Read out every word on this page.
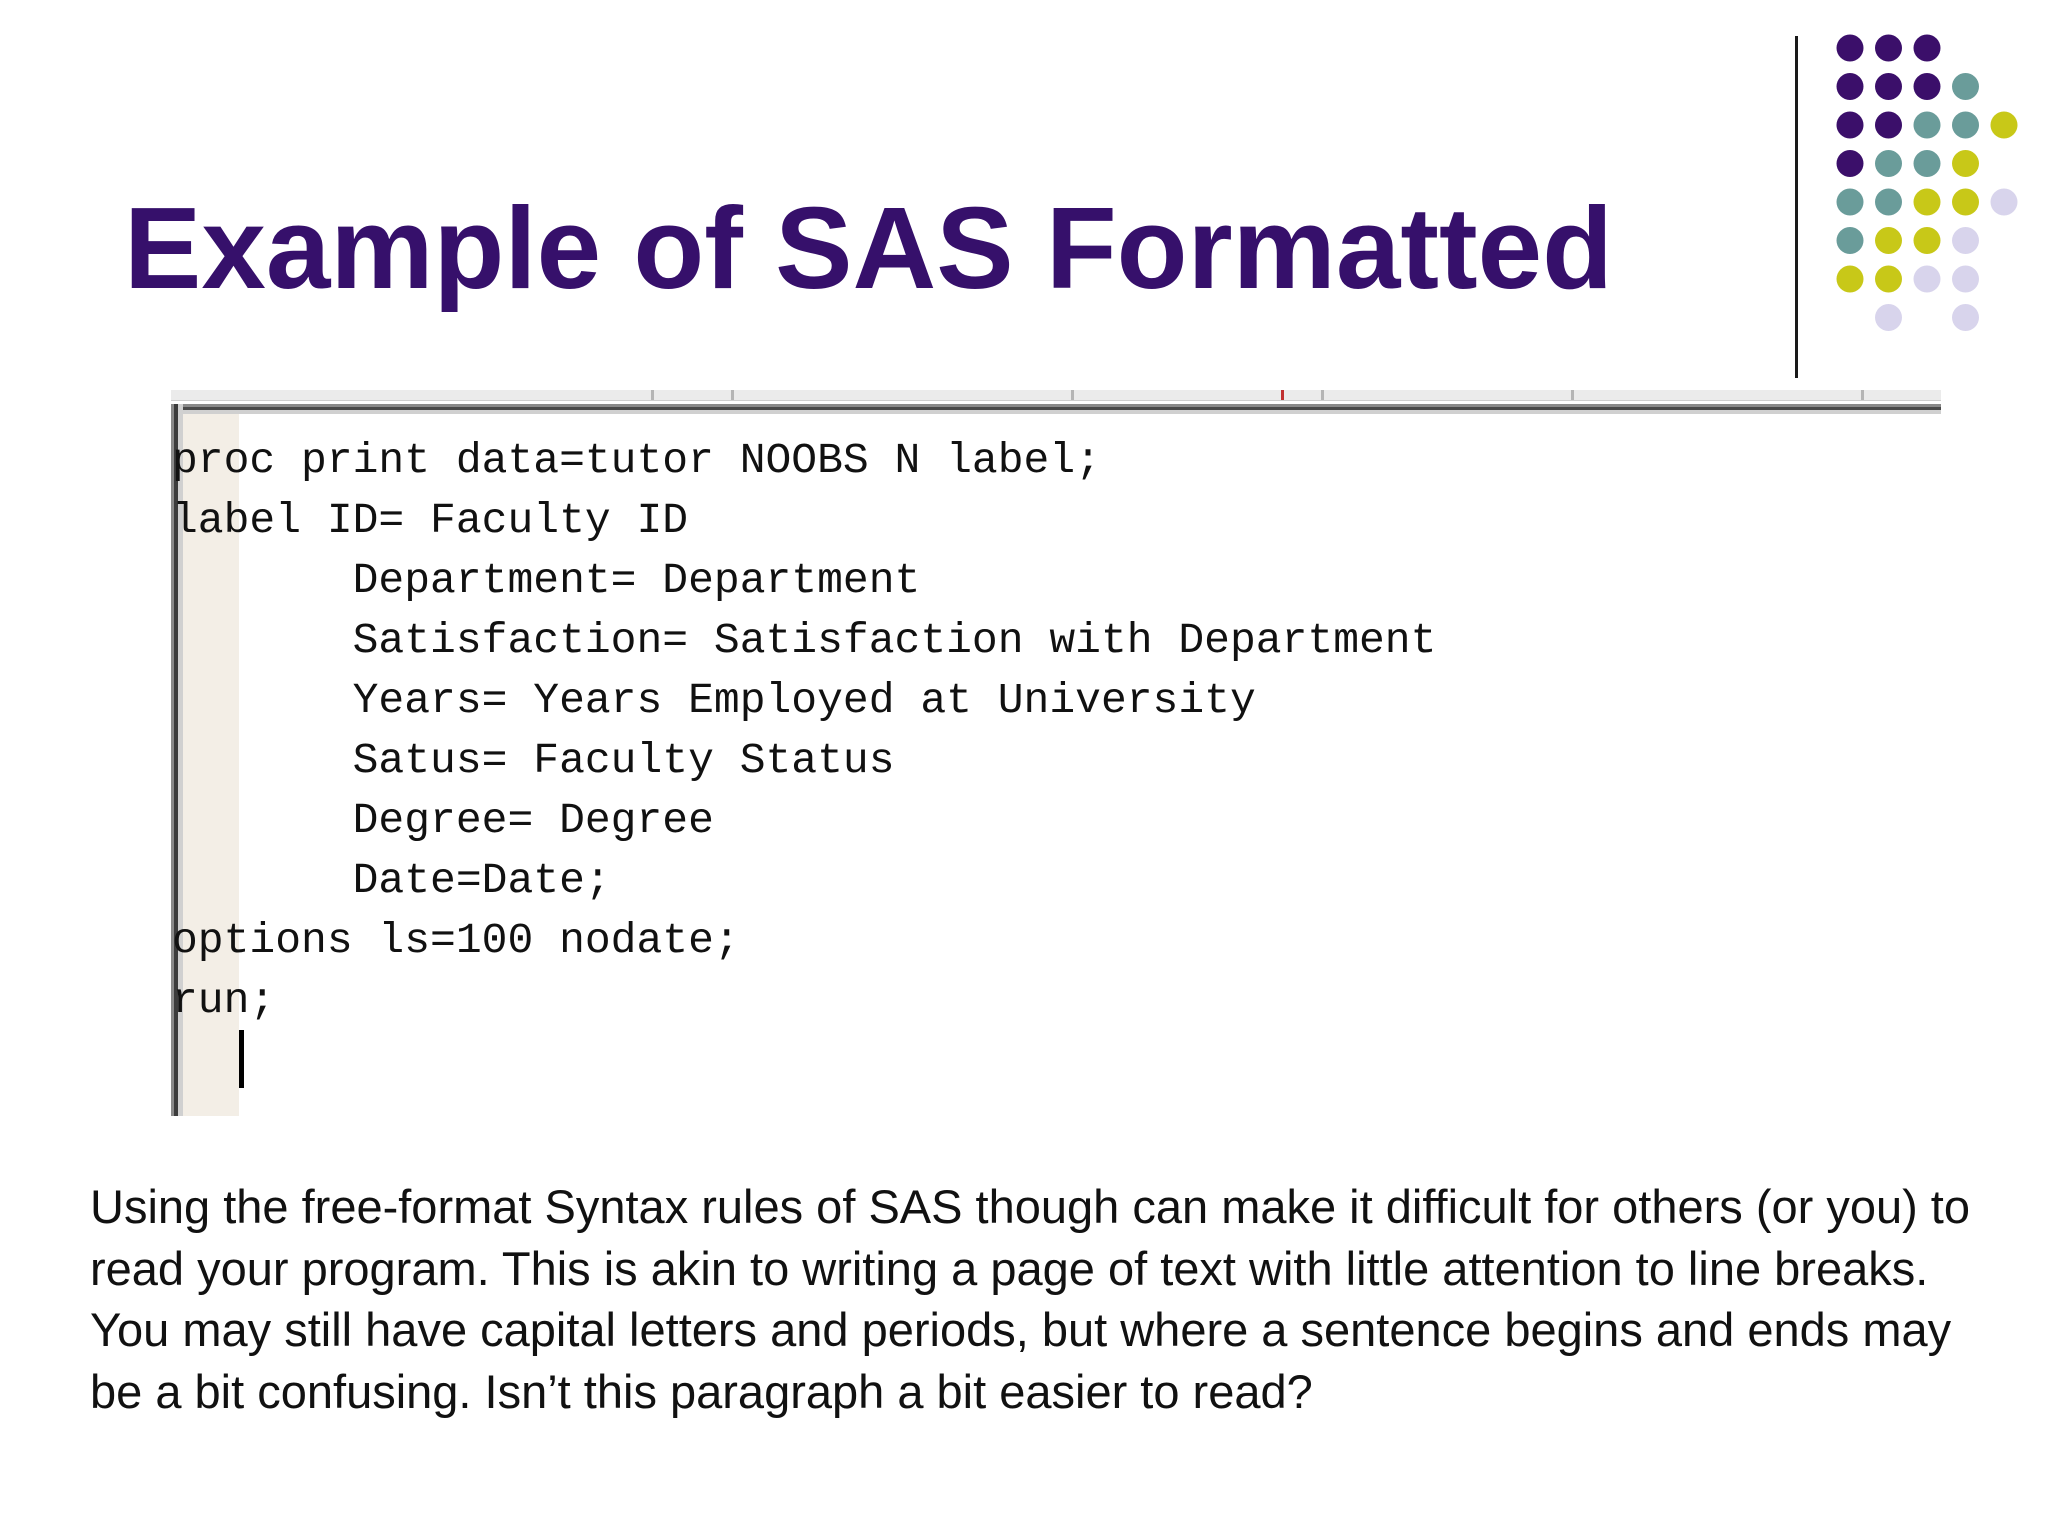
Example of SAS Formatted
proc print data=tutor NOOBS N label;
label ID= Faculty ID
Department= Department
Satisfaction= Satisfaction with Department
Years= Years Employed at University
Satus= Faculty Status
Degree= Degree
Date=Date;
options ls=100 nodate;
run;

Using the free-format Syntax rules of SAS though can make it difficult for others (or you) to read your program. This is akin to writing a page of text with little attention to line breaks. You may still have capital letters and periods, but where a sentence begins and ends may be a bit confusing. Isn’t this paragraph a bit easier to read?
